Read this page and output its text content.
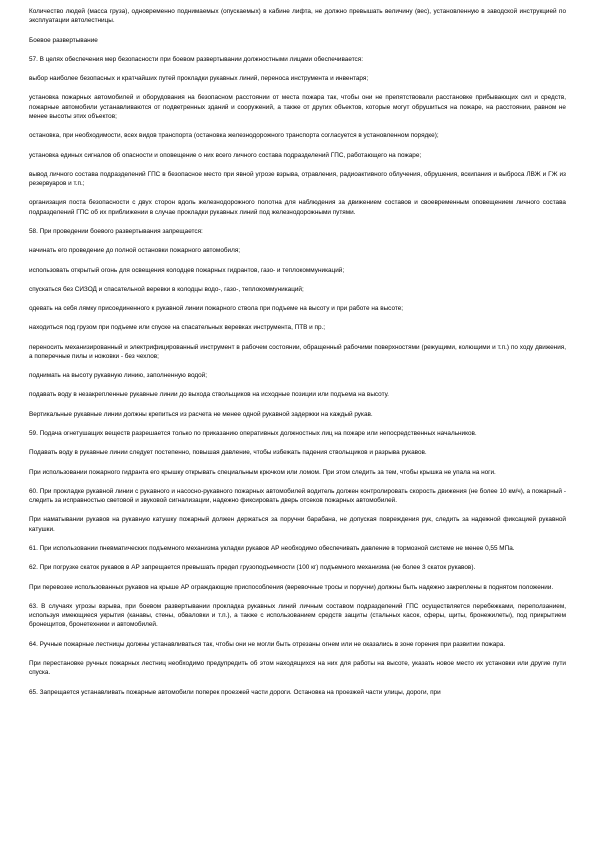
Количество людей (масса груза), одновременно поднимаемых (опускаемых) в кабине лифта, не должно превышать величину (вес), установленную в заводской инструкцией по эксплуатации автолестницы.

Боевое развертывание

57. В целях обеспечения мер безопасности при боевом развертывании должностными лицами обеспечивается:

выбор наиболее безопасных и кратчайших путей прокладки рукавных линий, переноса инструмента и инвентаря;

установка пожарных автомобилей и оборудования на безопасном расстоянии от места пожара так, чтобы они не препятствовали расстановке прибывающих сил и средств, пожарные автомобили устанавливаются от подветренных зданий и сооружений, а также от других объектов, которые могут обрушиться на пожаре, на расстоянии, равном не менее высоты этих объектов;

остановка, при необходимости, всех видов транспорта (остановка железнодорожного транспорта согласуется в установленном порядке);

установка единых сигналов об опасности и оповещение о них всего личного состава подразделений ГПС, работающего на пожаре;

вывод личного состава подразделений ГПС в безопасное место при явной угрозе взрыва, отравления, радиоактивного облучения, обрушения, вскипания и выброса ЛВЖ и ГЖ из резервуаров и т.п.;

организация поста безопасности с двух сторон вдоль железнодорожного полотна для наблюдения за движением составов и своевременным оповещением личного состава подразделений ГПС об их приближении в случае прокладки рукавных линий под железнодорожными путями.

58. При проведении боевого развертывания запрещается:

начинать его проведение до полной остановки пожарного автомобиля;

использовать открытый огонь для освещения колодцев пожарных гидрантов, газо- и теплокоммуникаций;

спускаться без СИЗОД и спасательной веревки в колодцы водо-, газо-, теплокоммуникаций;

одевать на себя лямку присоединенного к рукавной линии пожарного ствола при подъеме на высоту и при работе на высоте;

находиться под грузом при подъеме или спуске на спасательных веревках инструмента, ПТВ и пр.;

переносить механизированный и электрифицированный инструмент в рабочем состоянии, обращенный рабочими поверхностями (режущими, колющими и т.п.) по ходу движения, а поперечные пилы и ножовки - без чехлов;

поднимать на высоту рукавную линию, заполненную водой;

подавать воду в незакрепленные рукавные линии до выхода ствольщиков на исходные позиции или подъема на высоту.

Вертикальные рукавные линии должны крепиться из расчета не менее одной рукавной задержки на каждый рукав.

59. Подача огнетушащих веществ разрешается только по приказанию оперативных должностных лиц на пожаре или непосредственных начальников.

Подавать воду в рукавные линии следует постепенно, повышая давление, чтобы избежать падения ствольщиков и разрыва рукавов.

При использовании пожарного гидранта его крышку открывать специальным крючком или ломом. При этом следить за тем, чтобы крышка не упала на ноги.

60. При прокладке рукавной линии с рукавного и насосно-рукавного пожарных автомобилей водитель должен контролировать скорость движения (не более 10 км/ч), а пожарный - следить за исправностью световой и звуковой сигнализации, надежно фиксировать дверь отсеков пожарных автомобилей.

При наматывании рукавов на рукавную катушку пожарный должен держаться за поручни барабана, не допуская повреждения рук, следить за надежной фиксацией рукавной катушки.

61. При использовании пневматических подъемного механизма укладки рукавов АР необходимо обеспечивать давление в тормозной системе не менее 0,55 МПа.

62. При погрузке скаток рукавов в АР запрещается превышать предел грузоподъемности (100 кг) подъемного механизма (не более 3 скаток рукавов).

При перевозке использованных рукавов на крыше АР ограждающие приспособления (веревочные тросы и поручни) должны быть надежно закреплены в поднятом положении.

63. В случаях угрозы взрыва, при боевом развертывании прокладка рукавных линий личным составом подразделений ГПС осуществляется перебежками, переползанием, используя имеющиеся укрытия (канавы, стены, обваловки и т.п.), а также с использованием средств защиты (стальных касок, сферы, щиты, бронежилеты), под прикрытием бронещитов, бронетехники и автомобилей.

64. Ручные пожарные лестницы должны устанавливаться так, чтобы они не могли быть отрезаны огнем или не оказались в зоне горения при развитии пожара.

При перестановке ручных пожарных лестниц необходимо предупредить об этом находящихся на них для работы на высоте, указать новое место их установки или другие пути спуска.

65. Запрещается устанавливать пожарные автомобили поперек проезжей части дороги. Остановка на проезжей части улицы, дороги, при
